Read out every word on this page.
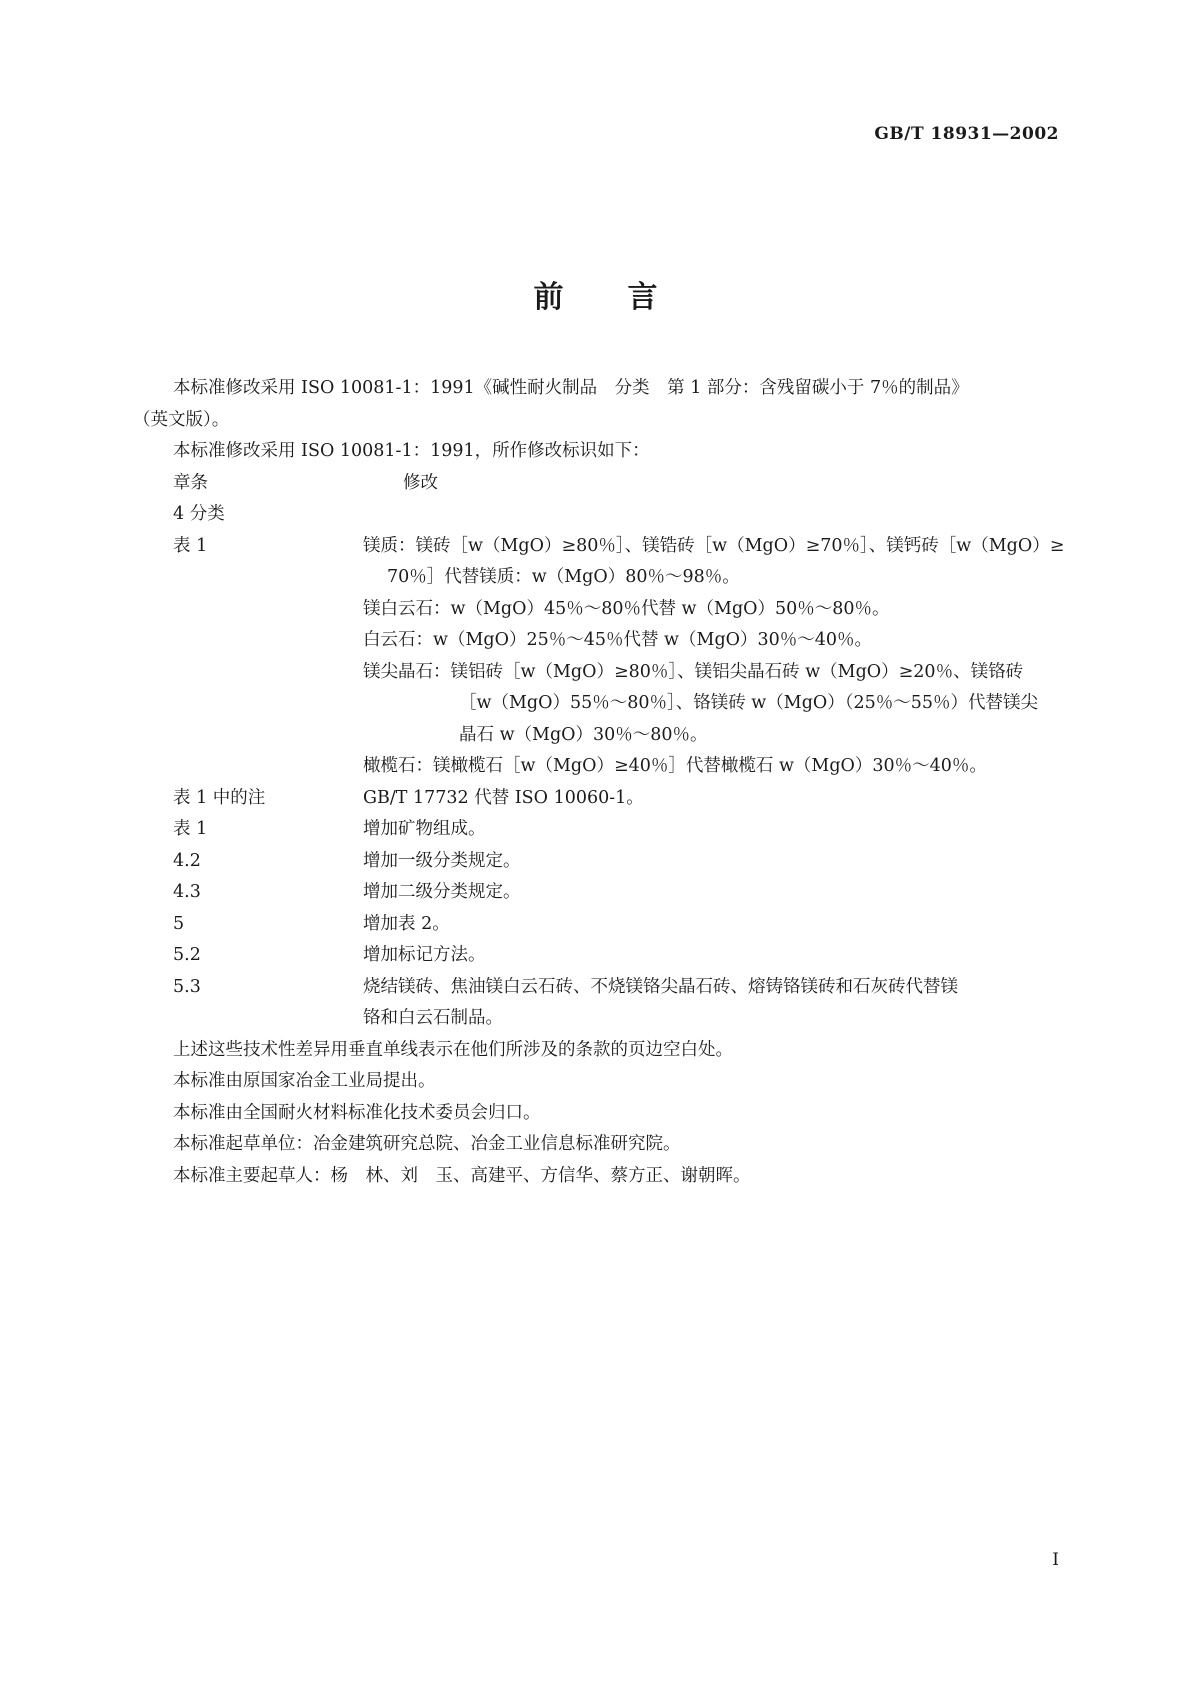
GB/T 18931—2002
前言

本标准修改采用 ISO 10081-1：1991《碱性耐火制品　分类　第 1 部分：含残留碳小于 7％的制品》

（英文版）。

本标准修改采用 ISO 10081-1：1991，所作修改标识如下：

章条	修改
4 分类
表 1	镁质：镁砖［w（MgO）≥80％］、镁锆砖［w（MgO）≥70％］、镁钙砖［w（MgO）≥

70％］代替镁质：w（MgO）80％～98％。

镁白云石：w（MgO）45％～80％代替 w（MgO）50％～80％。

白云石：w（MgO）25％～45％代替 w（MgO）30％～40％。

镁尖晶石：镁铝砖［w（MgO）≥80％］、镁铝尖晶石砖 w（MgO）≥20％、镁铬砖

［w（MgO）55％～80％］、铬镁砖 w（MgO）（25％～55％）代替镁尖

晶石 w（MgO）30％～80％。

橄榄石：镁橄榄石［w（MgO）≥40％］代替橄榄石 w（MgO）30％～40％。

表 1 中的注	GB/T 17732 代替 ISO 10060-1。

表 1	增加矿物组成。

4.2	增加一级分类规定。

4.3	增加二级分类规定。

5	增加表 2。

5.2	增加标记方法。

5.3	烧结镁砖、焦油镁白云石砖、不烧镁铬尖晶石砖、熔铸铬镁砖和石灰砖代替镁

铬和白云石制品。

上述这些技术性差异用垂直单线表示在他们所涉及的条款的页边空白处。

本标准由原国家冶金工业局提出。

本标准由全国耐火材料标准化技术委员会归口。

本标准起草单位：冶金建筑研究总院、冶金工业信息标准研究院。

本标准主要起草人：杨　林、刘　玉、高建平、方信华、蔡方正、谢朝晖。

I
